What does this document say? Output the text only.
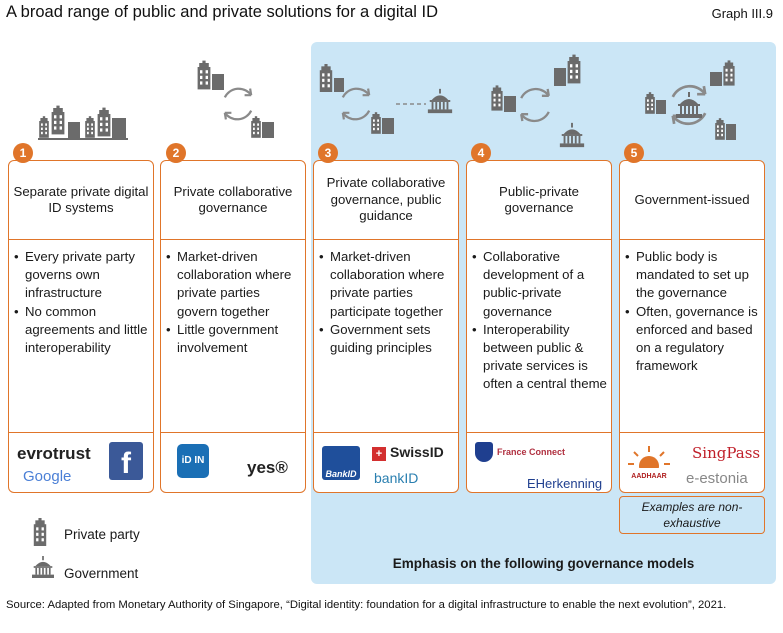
A broad range of public and private solutions for a digital ID	Graph III.9
Separate private digital ID systems
• Every private party governs own infrastructure
• No common agreements and little interoperability
evrotrust
Google	f
Private collaborative governance
• Market-driven collaboration where private parties govern together
• Little government involvement
iD IN	yes®
Private collaborative governance, public guidance
• Market-driven collaboration where private parties participate together
• Government sets guiding principles
BankID
+ SwissID
bankID
Public-private governance
• Collaborative development of a public-private governance
• Interoperability between public & private services is often a central theme
France Connect
EHerkenning
Government-issued
• Public body is mandated to set up the governance
• Often, governance is enforced and based on a regulatory framework
AADHAAR
SingPass
e-estonia
1	2	3	4	5
Examples are non-exhaustive
Emphasis on the following governance models
Private party
Government
Source: Adapted from Monetary Authority of Singapore, “Digital identity: foundation for a digital infrastructure to enable the next evolution”, 2021.
